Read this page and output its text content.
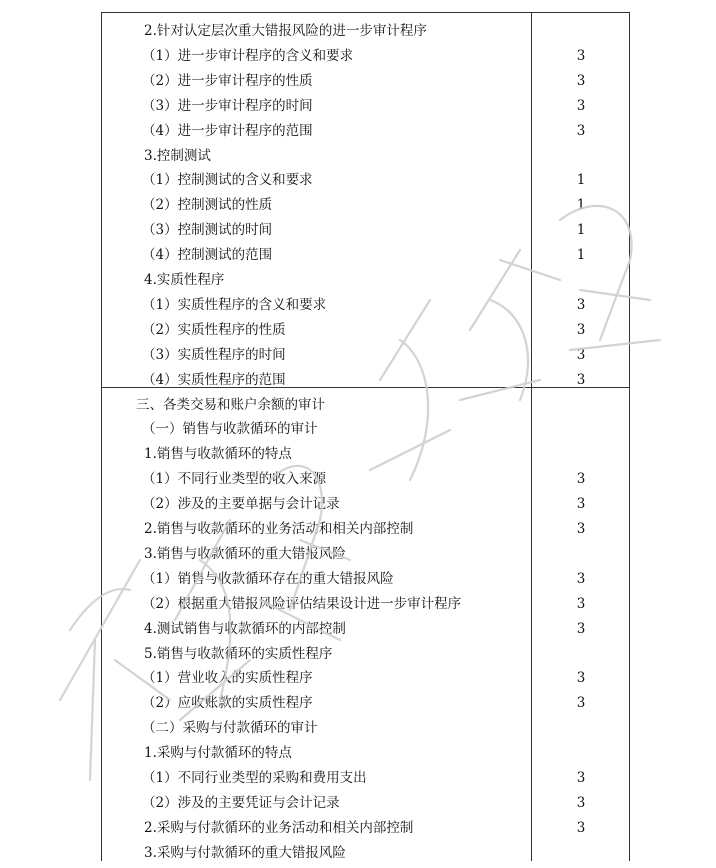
2.针对认定层次重大错报风险的进一步审计程序
（1）进一步审计程序的含义和要求	3
（2）进一步审计程序的性质	3
（3）进一步审计程序的时间	3
（4）进一步审计程序的范围	3
3.控制测试
（1）控制测试的含义和要求	1
（2）控制测试的性质	1
（3）控制测试的时间	1
（4）控制测试的范围	1
4.实质性程序
（1）实质性程序的含义和要求	3
（2）实质性程序的性质	3
（3）实质性程序的时间	3
（4）实质性程序的范围	3
三、各类交易和账户余额的审计
（一）销售与收款循环的审计
1.销售与收款循环的特点
（1）不同行业类型的收入来源	3
（2）涉及的主要单据与会计记录	3
2.销售与收款循环的业务活动和相关内部控制	3
3.销售与收款循环的重大错报风险
（1）销售与收款循环存在的重大错报风险	3
（2）根据重大错报风险评估结果设计进一步审计程序	3
4.测试销售与收款循环的内部控制	3
5.销售与收款循环的实质性程序
（1）营业收入的实质性程序	3
（2）应收账款的实质性程序	3
（二）采购与付款循环的审计
1.采购与付款循环的特点
（1）不同行业类型的采购和费用支出	3
（2）涉及的主要凭证与会计记录	3
2.采购与付款循环的业务活动和相关内部控制	3
3.采购与付款循环的重大错报风险
